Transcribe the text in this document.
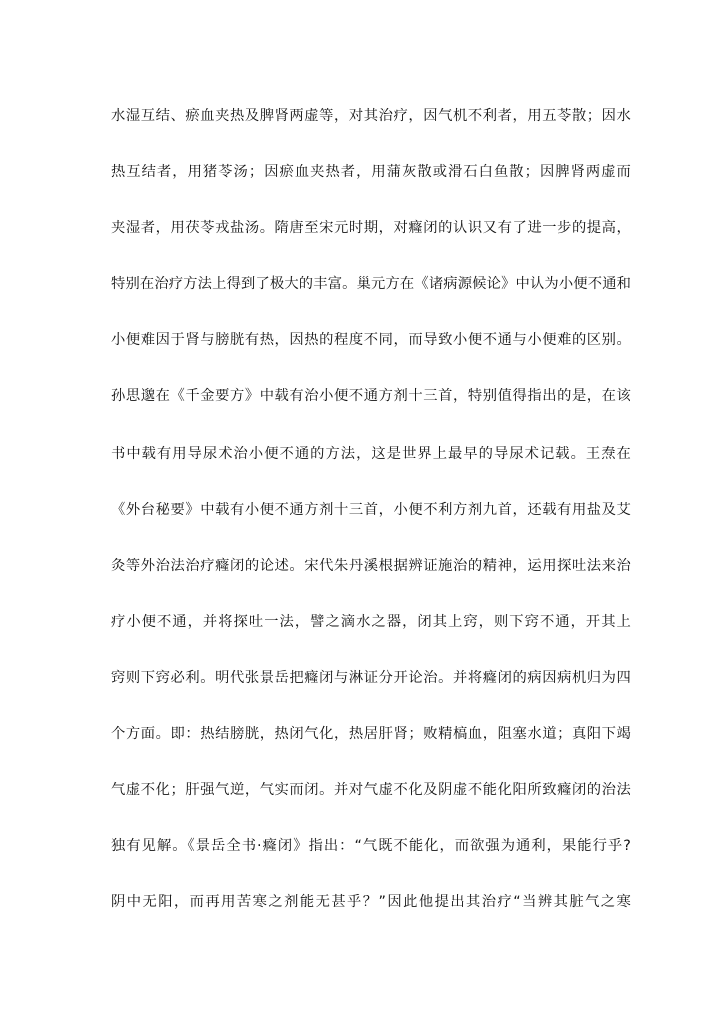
水湿互结、瘀血夹热及脾肾两虚等，对其治疗，因气机不利者，用五苓散；因水
热互结者，用猪苓汤；因瘀血夹热者，用蒲灰散或滑石白鱼散；因脾肾两虚而
夹湿者，用茯苓戎盐汤。隋唐至宋元时期，对癃闭的认识又有了进一步的提高，
特别在治疗方法上得到了极大的丰富。巢元方在《诸病源候论》中认为小便不通和
小便难因于肾与膀胱有热，因热的程度不同，而导致小便不通与小便难的区别。
孙思邈在《千金要方》中载有治小便不通方剂十三首，特别值得指出的是，在该
书中载有用导尿术治小便不通的方法，这是世界上最早的导尿术记载。王焘在
《外台秘要》中载有小便不通方剂十三首，小便不利方剂九首，还载有用盐及艾
灸等外治法治疗癃闭的论述。宋代朱丹溪根据辨证施治的精神，运用探吐法来治
疗小便不通，并将探吐一法，譬之滴水之器，闭其上窍，则下窍不通，开其上
窍则下窍必利。明代张景岳把癃闭与淋证分开论治。并将癃闭的病因病机归为四
个方面。即：热结膀胱，热闭气化，热居肝肾；败精槁血，阻塞水道；真阳下竭
气虚不化；肝强气逆，气实而闭。并对气虚不化及阴虚不能化阳所致癃闭的治法
独有见解。《景岳全书·癃闭》指出：“气既不能化，而欲强为通利，果能行乎?
阴中无阳，而再用苦寒之剂能无甚乎？”因此他提出其治疗“当辨其脏气之寒
